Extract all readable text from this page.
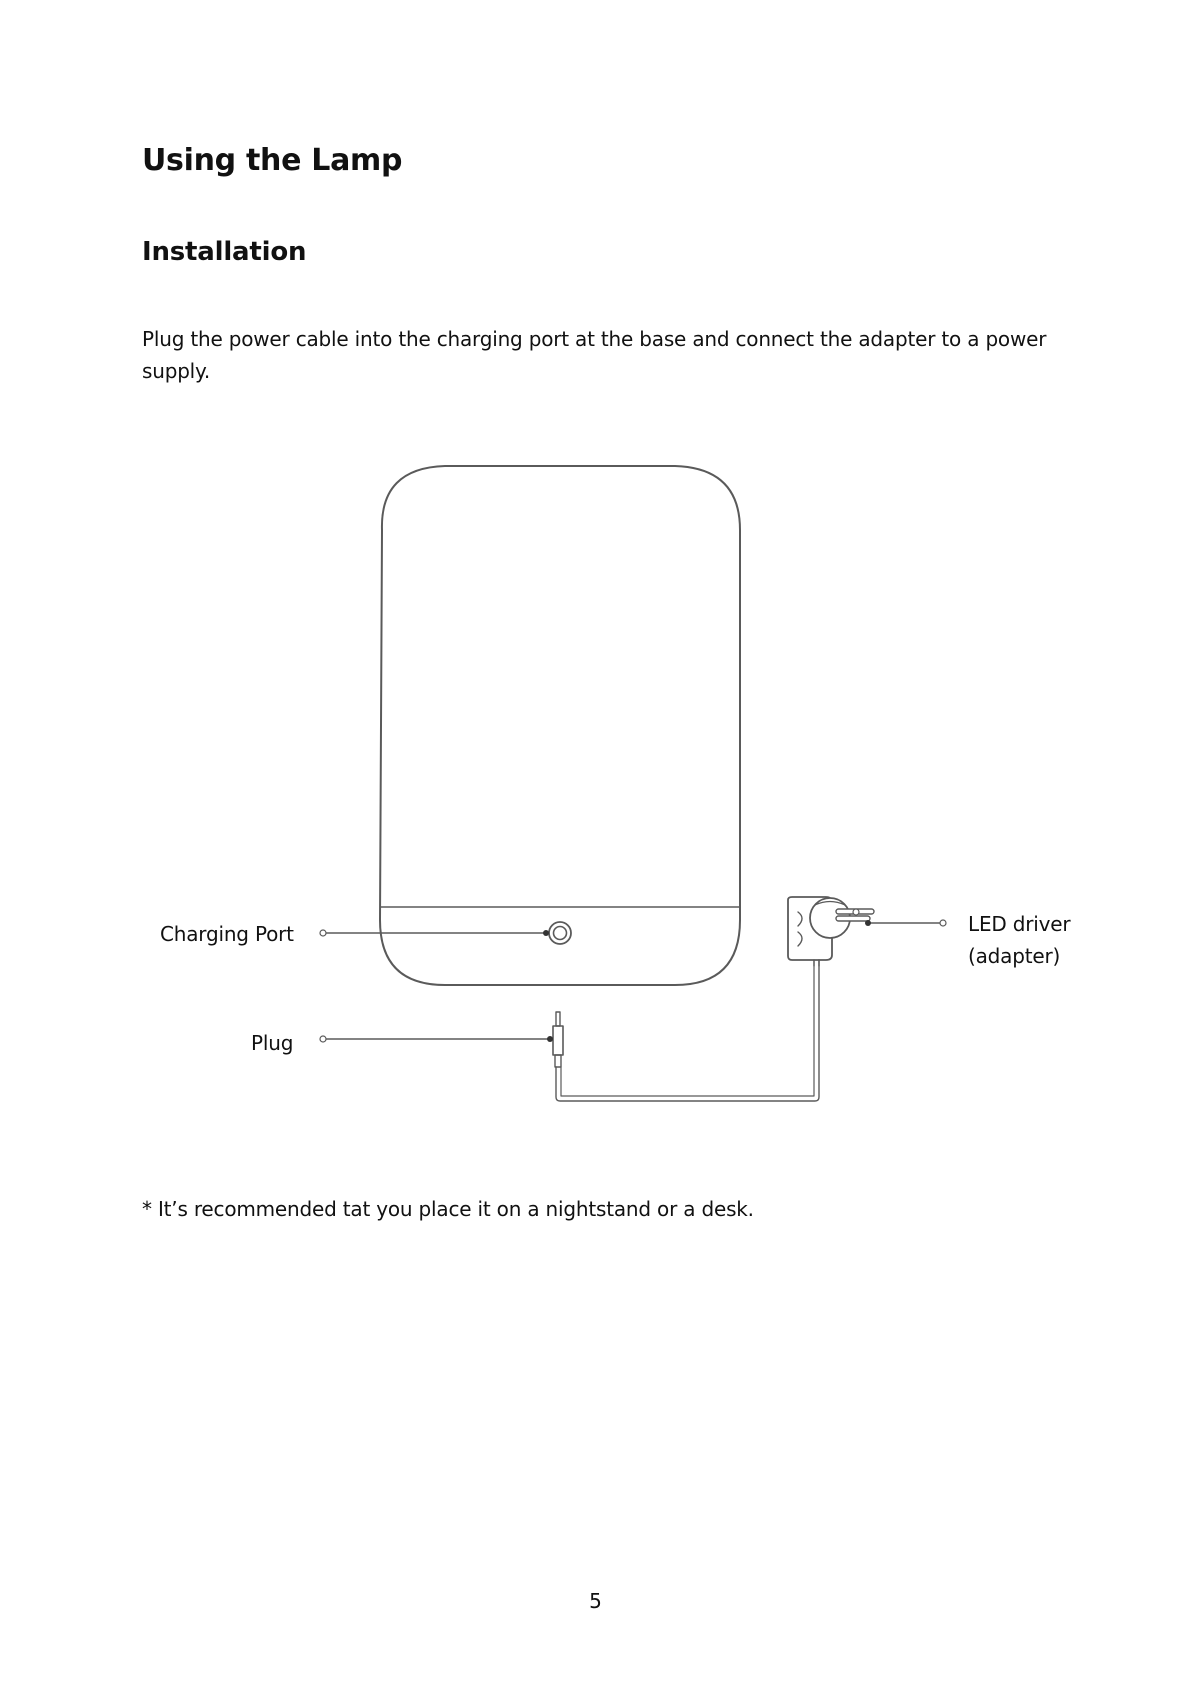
Using the Lamp
Installation

Plug the power cable into the charging port at the base and connect the adapter to a power supply.

Charging Port

Plug

LED driver
(adapter)

* It’s recommended tat you place it on a nightstand or a desk.

5
